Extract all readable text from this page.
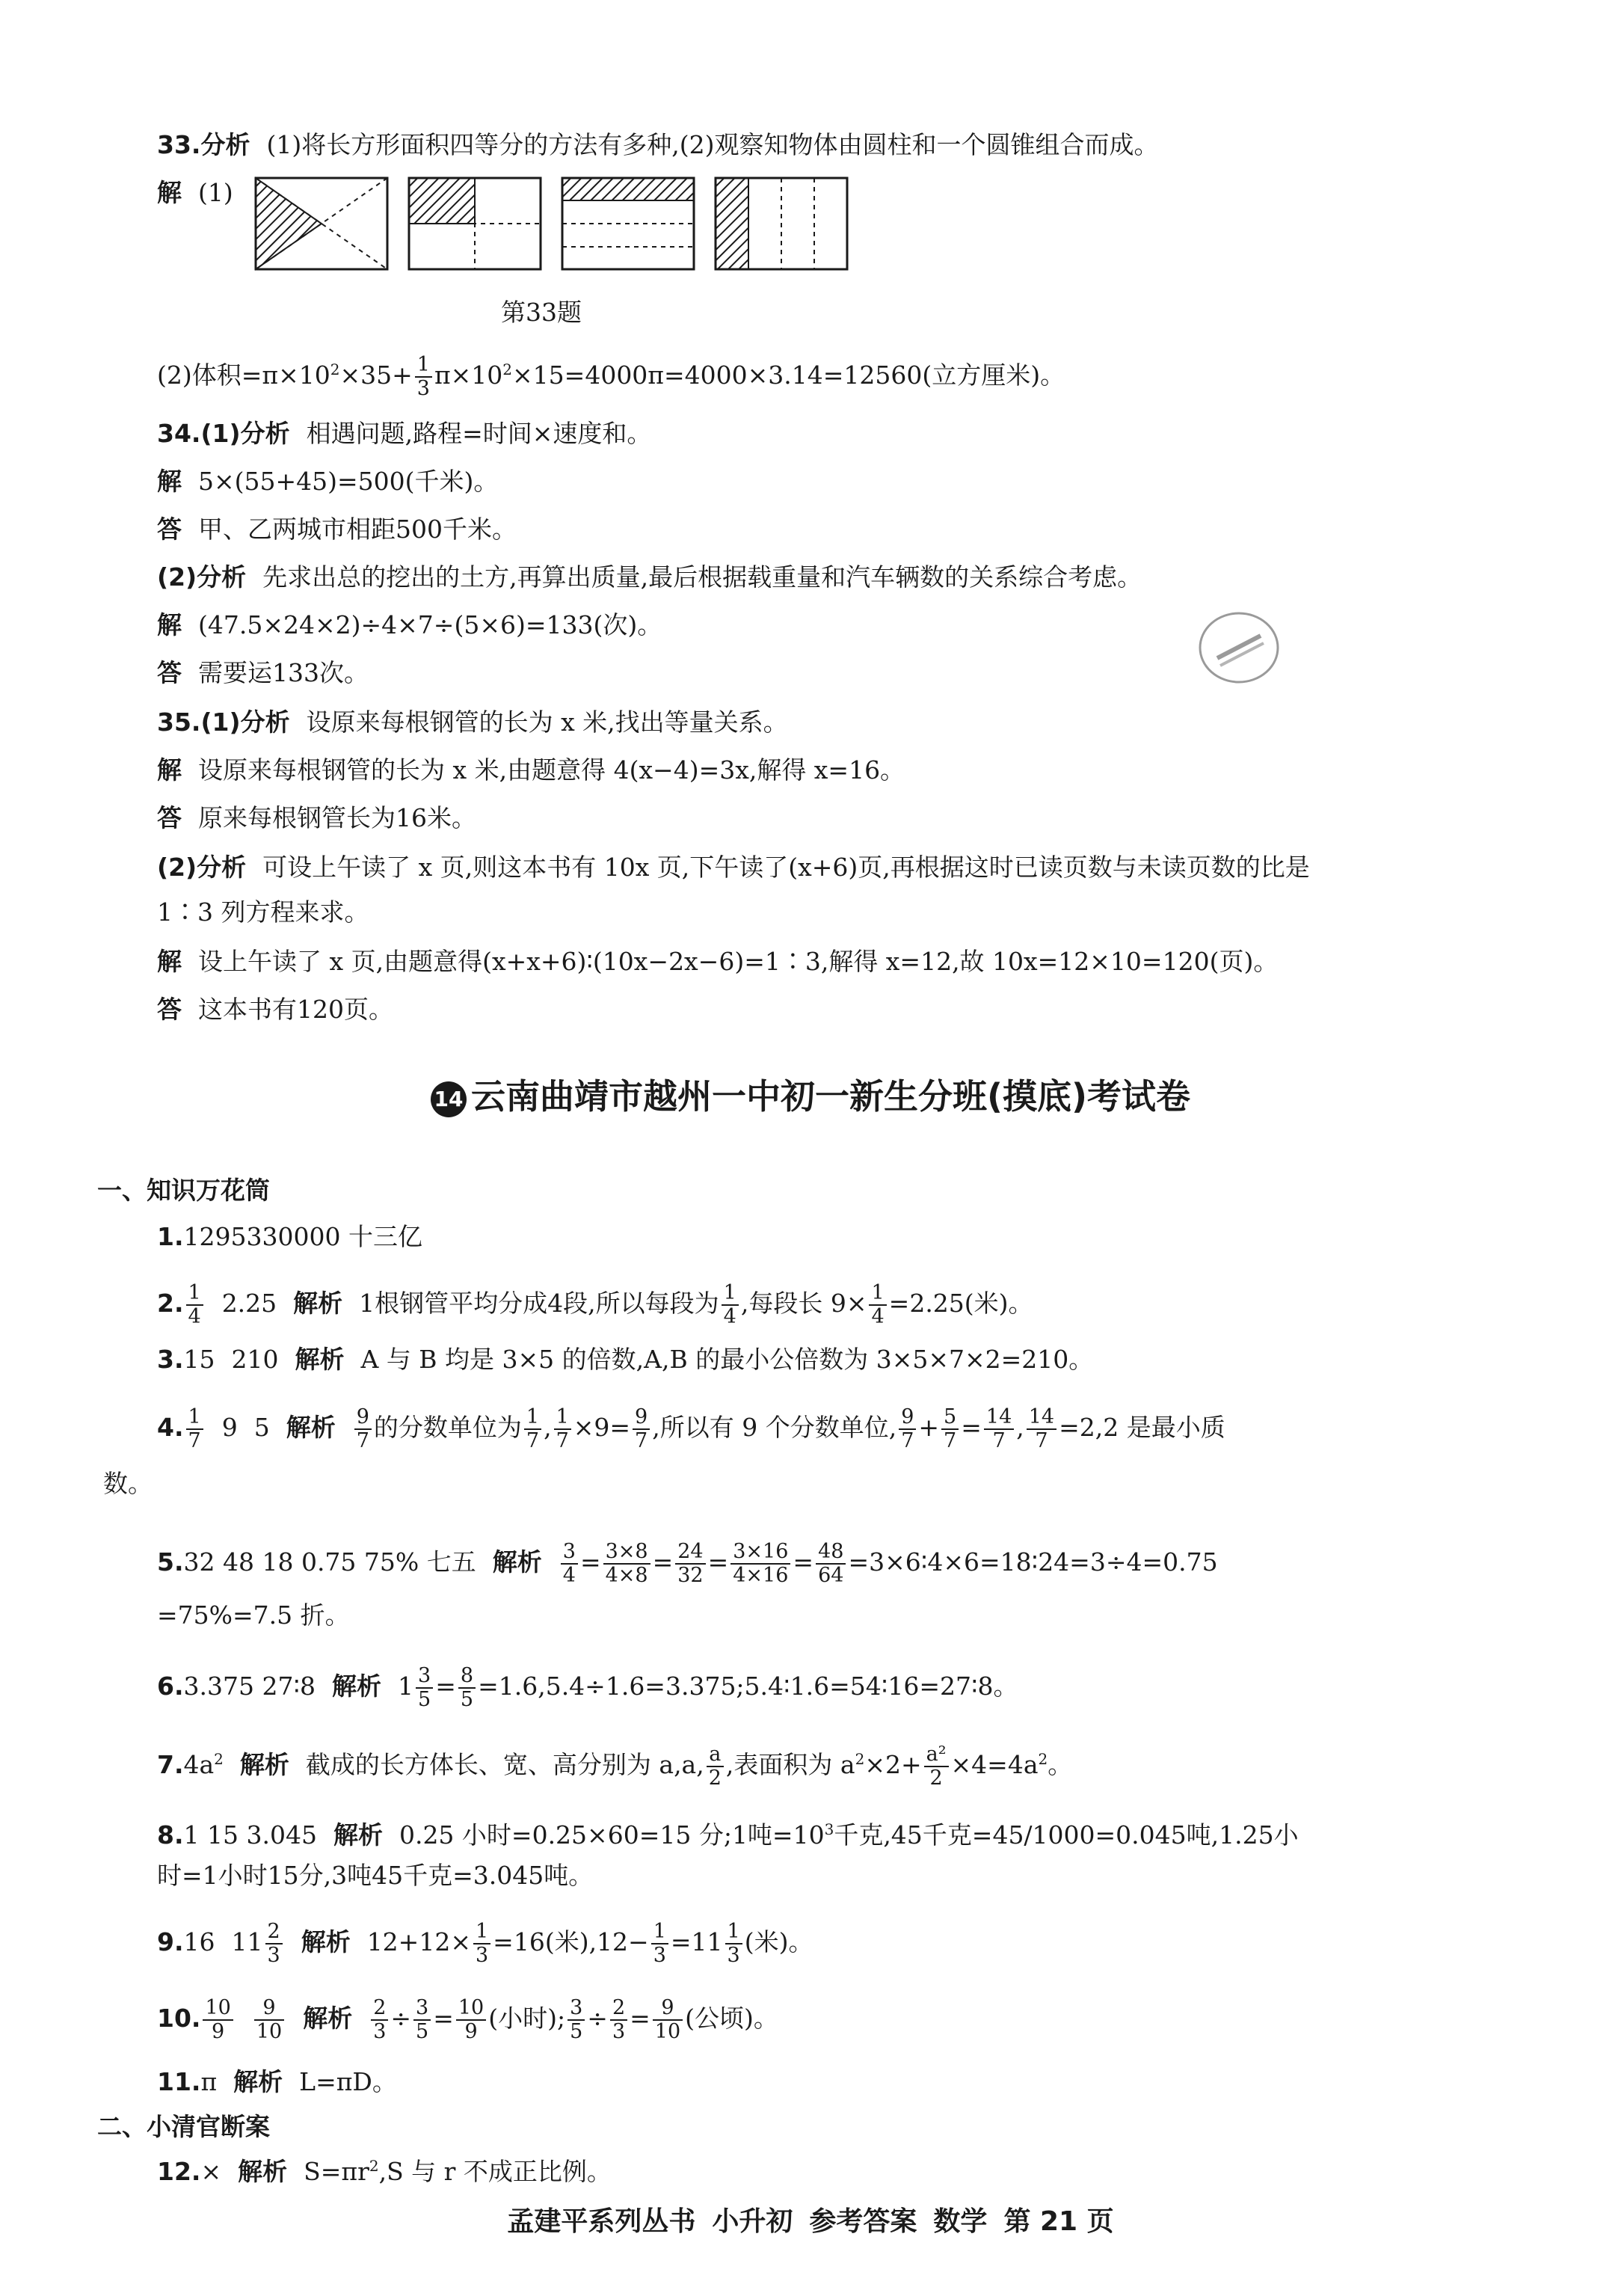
33.分析 (1)将长方形面积四等分的方法有多种,(2)观察知物体由圆柱和一个圆锥组合而成。
解 (1)
第33题
(2)体积$=\pi\times 10^2\times 35+ \frac{1}{3} \pi\times 10^2\times 15=4000\pi=4000\times 3.14=12560$(立方厘米)。
34.(1)分析 相遇问题,路程=时间×速度和。
解 5×(55+45)=500(千米)。
答 甲、乙两城市相距500千米。
(2)分析 先求出总的挖出的土方,再算出质量,最后根据载重量和汽车辆数的关系综合考虑。
解 (47.5×24×2)÷4×7÷(5×6)=133(次)。
答 需要运133次。
35.(1)分析 设原来每根钢管的长为 x 米,找出等量关系。
解 设原来每根钢管的长为 x 米,由题意得 4(x−4)=3x,解得 x=16。
答 原来每根钢管长为16米。
(2)分析 可设上午读了 x 页,则这本书有 10x 页,下午读了(x+6)页,再根据这时已读页数与未读页数的比是
1∶3 列方程来求。
解 设上午读了 x 页,由题意得(x+x+6)∶(10x−2x−6)=1∶3,解得 x=12,故 10x=12×10=120(页)。
答 这本书有120页。
14 云南曲靖市越州一中初一新生分班(摸底)考试卷
一、知识万花筒
1.1295330000 十三亿
2. $\frac{1}{4} 2.25$ 解析 1根钢管平均分成4段,所以每段为 $\frac{1}{4}$ ,每段长 $9\times \frac{1}{4} =2.25$(米)。
3.15 210 解析 A 与 B 均是 3×5 的倍数,A,B 的最小公倍数为 3×5×7×2=210。
4. $\frac{1}{7} 9$ 5 解析 $\frac{9}{7}$ 的分数单位为 $\frac{1}{7}$ , $\frac{1}{7} \times 9= \frac{9}{7}$ ,所以有 9 个分数单位, $\frac{9}{7} + \frac{5}{7} = \frac{14}{7}$ , $\frac{14}{7} =2,2$ 是最小质
数。
5.32 48 18 0.75 75% 七五 解析 $\frac{3}{4} = \frac{3\times 8}{4\times 8} = \frac{24}{32} = \frac{3\times 16}{4\times 16} = \frac{48}{64}$ =3×6∶4×6=18∶24=3÷4=0.75
=75%=7.5 折。
6.3.375 27∶8 解析 $1 \frac{3}{5} = \frac{8}{5}$ =1.6,5.4÷1.6=3.375;5.4∶1.6=54∶16=27∶8。
$7.4a^2$ 解析 截成的长方体长、宽、高分别为 a,a, $\frac{a}{2}$ ,表面积为 $a^2\times 2+ \frac{\text{a²}}{2} \times 4=4a^2$。
8.1 15 3.045 解析 0.25 小时=0.25×60=15 分;1吨$=10^3$千克,45千克=45/1000=0.045吨,1.25小
时=1小时15分,3吨45千克=3.045吨。
9.16 $11 \frac{2}{3}$ 解析 $12+12\times \frac{1}{3} =16$(米)$,12- \frac{1}{3} =11 \frac{1}{3}$ (米)。
10. $\frac{10}{9} \frac{9}{10}$ 解析 $\frac{2}{3} \div \frac{3}{5} = \frac{10}{9}$ (小时); $\frac{3}{5} \div \frac{2}{3} = \frac{9}{10}$ (公顷)。
11.π 解析 L=πD。
二、小清官断案
12.× 解析 $S=\pi r^2,S$ 与 r 不成正比例。
孟建平系列丛书 小升初 参考答案 数学 第 21 页
